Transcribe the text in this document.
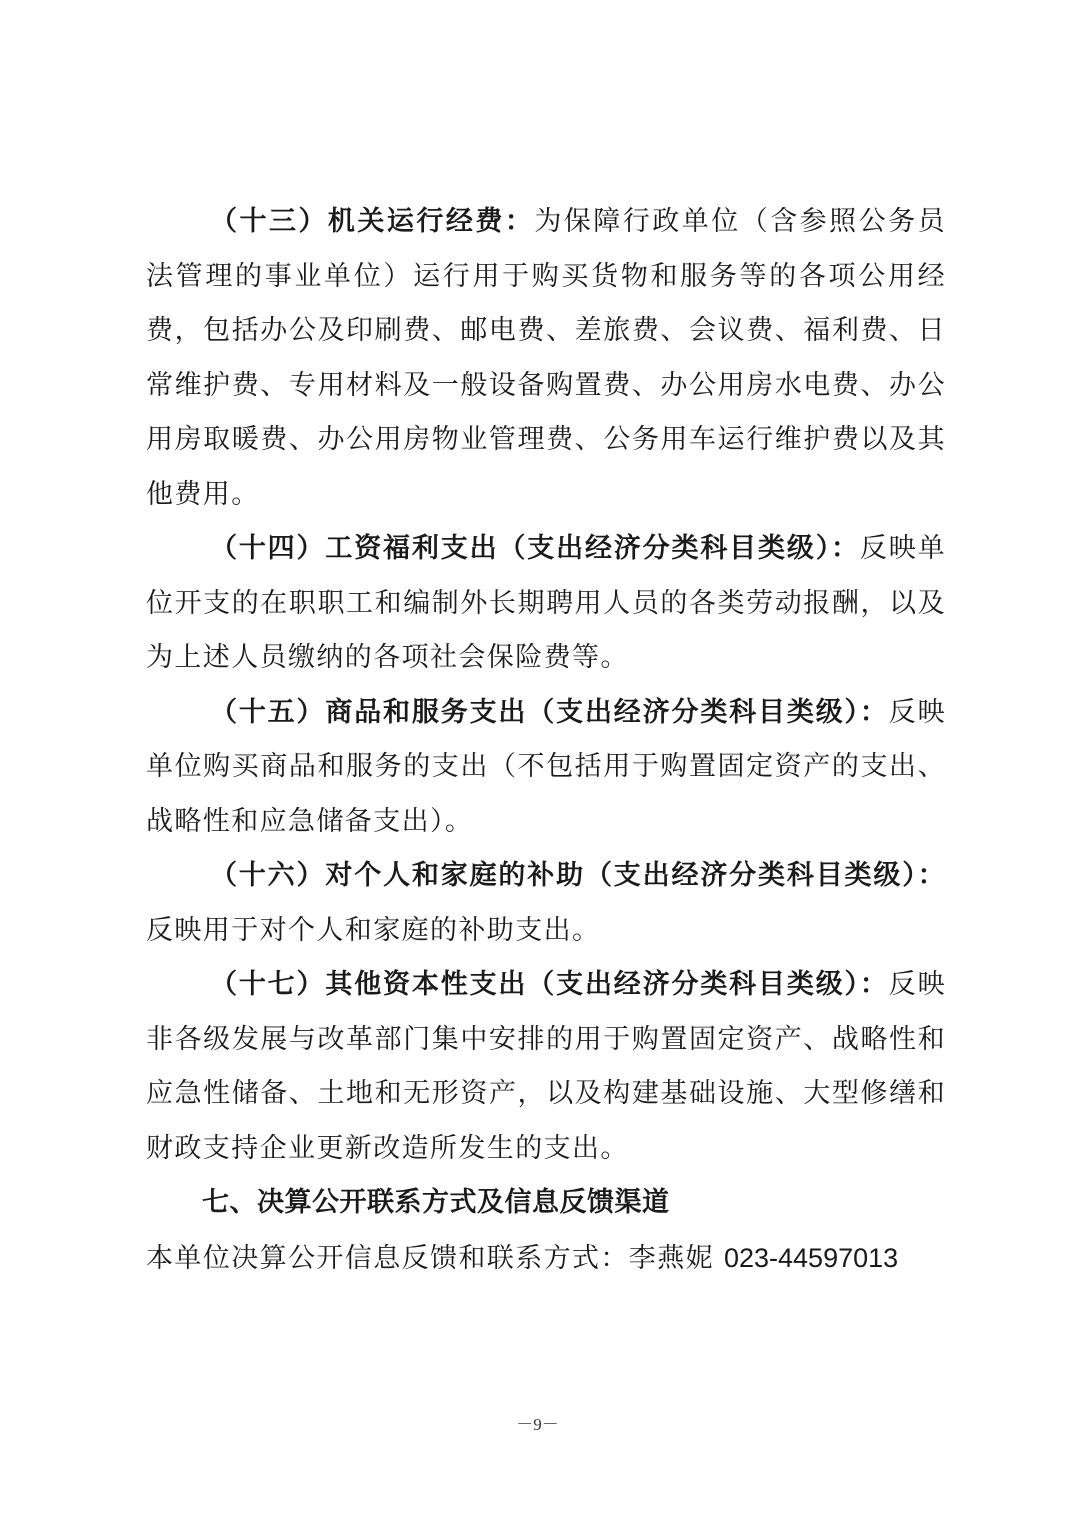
（十三）机关运行经费：为保障行政单位（含参照公务员法管理的事业单位）运行用于购买货物和服务等的各项公用经费，包括办公及印刷费、邮电费、差旅费、会议费、福利费、日常维护费、专用材料及一般设备购置费、办公用房水电费、办公用房取暖费、办公用房物业管理费、公务用车运行维护费以及其他费用。

（十四）工资福利支出（支出经济分类科目类级）：反映单位开支的在职职工和编制外长期聘用人员的各类劳动报酬，以及为上述人员缴纳的各项社会保险费等。

（十五）商品和服务支出（支出经济分类科目类级）：反映单位购买商品和服务的支出（不包括用于购置固定资产的支出、战略性和应急储备支出）。

（十六）对个人和家庭的补助（支出经济分类科目类级）：反映用于对个人和家庭的补助支出。

（十七）其他资本性支出（支出经济分类科目类级）：反映非各级发展与改革部门集中安排的用于购置固定资产、战略性和应急性储备、土地和无形资产，以及构建基础设施、大型修缮和财政支持企业更新改造所发生的支出。

七、决算公开联系方式及信息反馈渠道

本单位决算公开信息反馈和联系方式：李燕妮 023-44597013

－9－
